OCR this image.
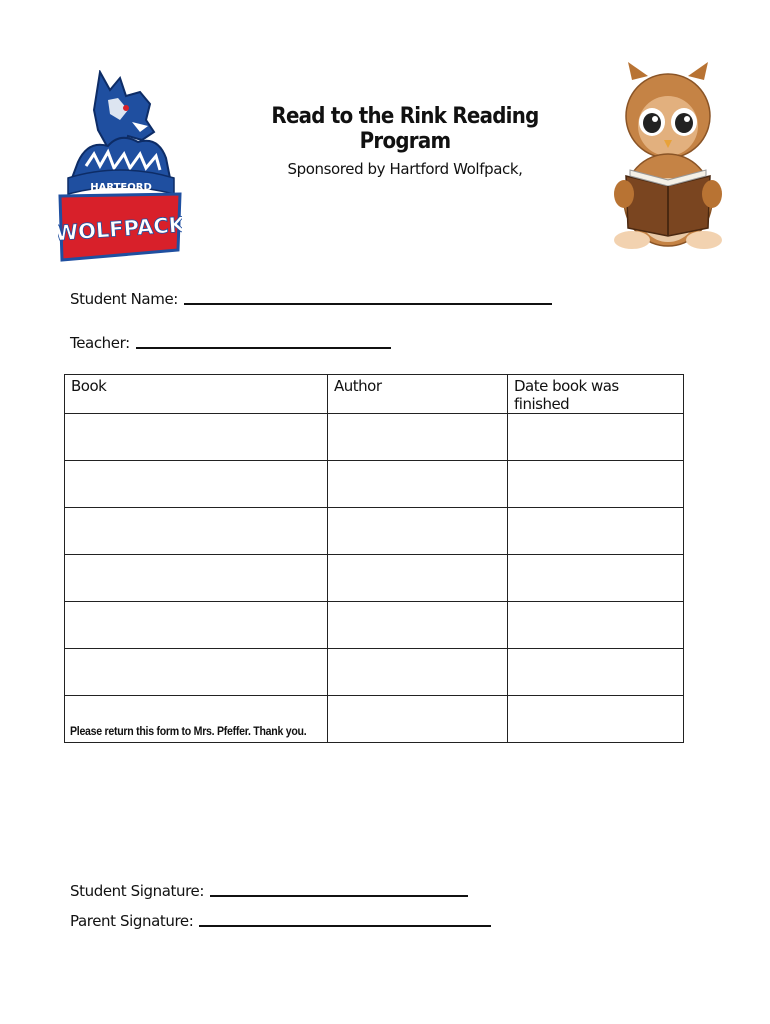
HARTFORD
WOLFPACK
Read to the Rink Reading Program
Sponsored by Hartford Wolfpack,
Student Name:
Teacher:
Book	Author	Date book was finished

Please return this form to Mrs. Pfeffer. Thank you.
Student Signature:
Parent Signature:
